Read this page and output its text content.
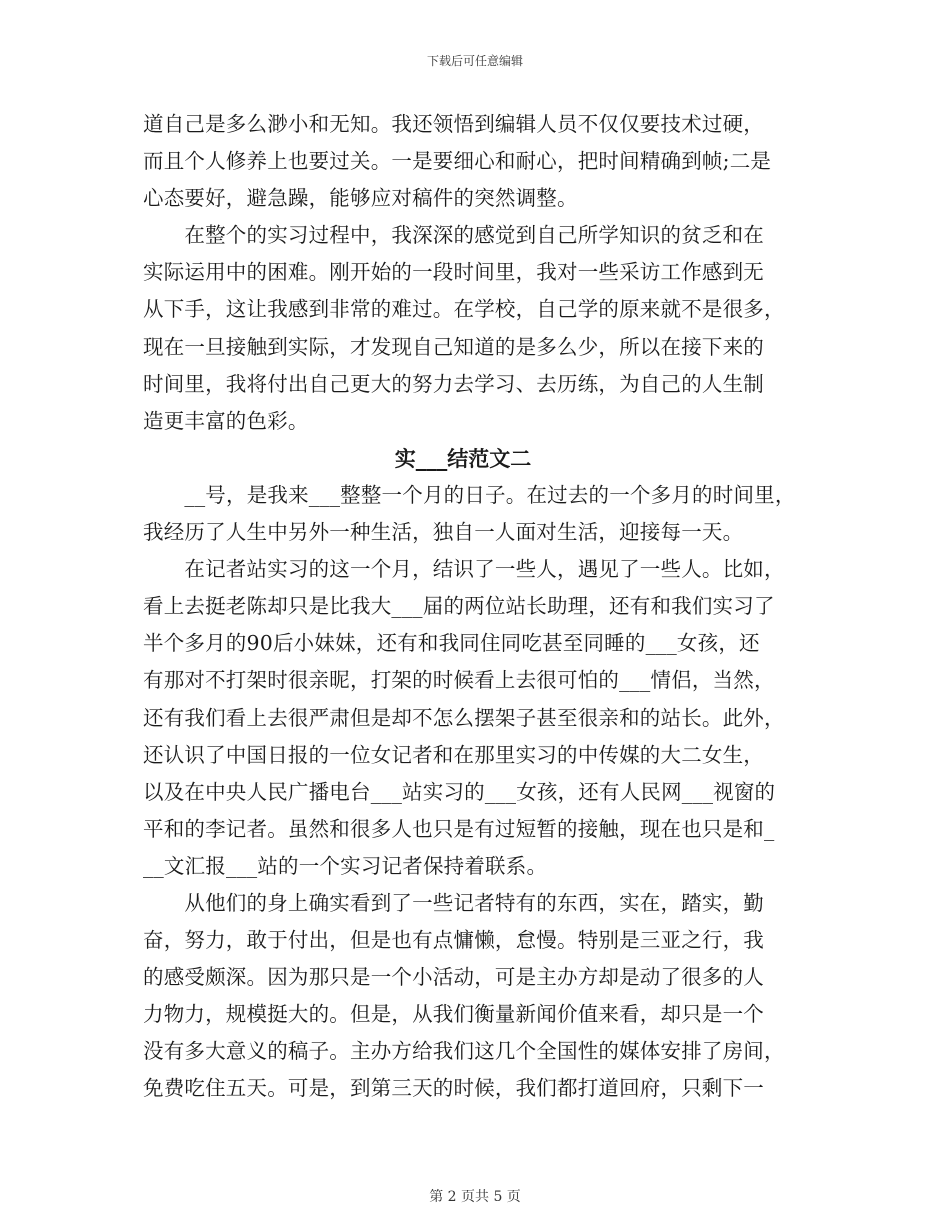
下载后可任意编辑
道自己是多么渺小和无知。我还领悟到编辑人员不仅仅要技术过硬，
而且个人修养上也要过关。一是要细心和耐心，把时间精确到帧;二是
心态要好，避急躁，能够应对稿件的突然调整。
　　在整个的实习过程中，我深深的感觉到自己所学知识的贫乏和在
实际运用中的困难。刚开始的一段时间里，我对一些采访工作感到无
从下手，这让我感到非常的难过。在学校，自己学的原来就不是很多，
现在一旦接触到实际，才发现自己知道的是多么少，所以在接下来的
时间里，我将付出自己更大的努力去学习、去历练，为自己的人生制
造更丰富的色彩。
实___结范文二
　　__号，是我来___整整一个月的日子。在过去的一个多月的时间里，
我经历了人生中另外一种生活，独自一人面对生活，迎接每一天。
　　在记者站实习的这一个月，结识了一些人，遇见了一些人。比如，
看上去挺老陈却只是比我大___届的两位站长助理，还有和我们实习了
半个多月的90后小妹妹，还有和我同住同吃甚至同睡的___女孩，还
有那对不打架时很亲昵，打架的时候看上去很可怕的___情侣，当然，
还有我们看上去很严肃但是却不怎么摆架子甚至很亲和的站长。此外，
还认识了中国日报的一位女记者和在那里实习的中传媒的大二女生，
以及在中央人民广播电台___站实习的___女孩，还有人民网___视窗的
平和的李记者。虽然和很多人也只是有过短暂的接触，现在也只是和_
__文汇报___站的一个实习记者保持着联系。
　　从他们的身上确实看到了一些记者特有的东西，实在，踏实，勤
奋，努力，敢于付出，但是也有点慵懒，怠慢。特别是三亚之行，我
的感受颇深。因为那只是一个小活动，可是主办方却是动了很多的人
力物力，规模挺大的。但是，从我们衡量新闻价值来看，却只是一个
没有多大意义的稿子。主办方给我们这几个全国性的媒体安排了房间，
免费吃住五天。可是，到第三天的时候，我们都打道回府，只剩下一
第 2 页共 5 页
